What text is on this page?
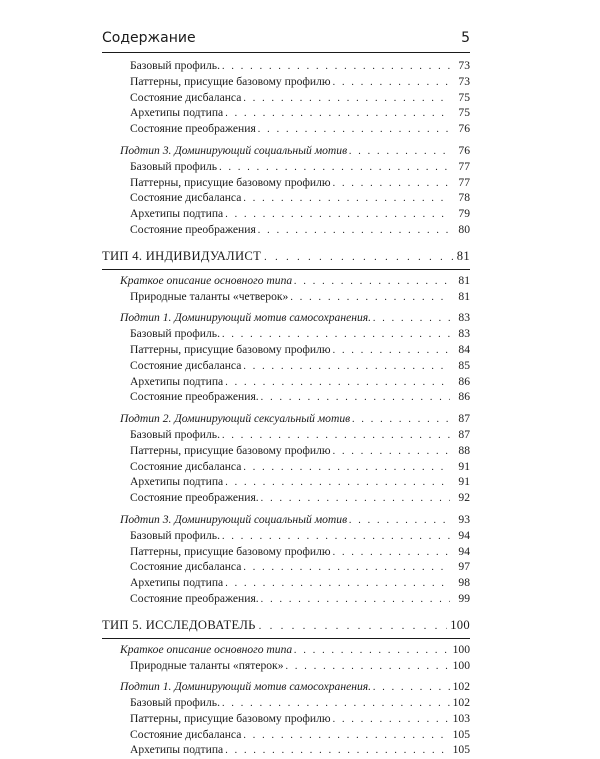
Содержание	5
Базовый профиль. . . .	73
Паттерны, присущие базовому профилю . . .	73
Состояние дисбаланса . . .	75
Архетипы подтипа . . .	75
Состояние преображения . . .	76
Подтип 3. Доминирующий социальный мотив . . .	76
Базовый профиль . . .	77
Паттерны, присущие базовому профилю . . .	77
Состояние дисбаланса . . .	78
Архетипы подтипа . . .	79
Состояние преображения . . .	80
ТИП 4. ИНДИВИДУАЛИСТ . . .	81
Краткое описание основного типа . . .	81
Природные таланты «четверок» . . .	81
Подтип 1. Доминирующий мотив самосохранения. . . .	83
Базовый профиль. . . .	83
Паттерны, присущие базовому профилю . . .	84
Состояние дисбаланса . . .	85
Архетипы подтипа . . .	86
Состояние преображения. . . .	86
Подтип 2. Доминирующий сексуальный мотив . . .	87
Базовый профиль. . . .	87
Паттерны, присущие базовому профилю . . .	88
Состояние дисбаланса . . .	91
Архетипы подтипа . . .	91
Состояние преображения. . . .	92
Подтип 3. Доминирующий социальный мотив . . .	93
Базовый профиль. . . .	94
Паттерны, присущие базовому профилю . . .	94
Состояние дисбаланса . . .	97
Архетипы подтипа . . .	98
Состояние преображения. . . .	99
ТИП 5. ИССЛЕДОВАТЕЛЬ . . .	100
Краткое описание основного типа . . .	100
Природные таланты «пятерок» . . .	100
Подтип 1. Доминирующий мотив самосохранения. . . .	102
Базовый профиль. . . .	102
Паттерны, присущие базовому профилю . . .	103
Состояние дисбаланса . . .	105
Архетипы подтипа . . .	105
